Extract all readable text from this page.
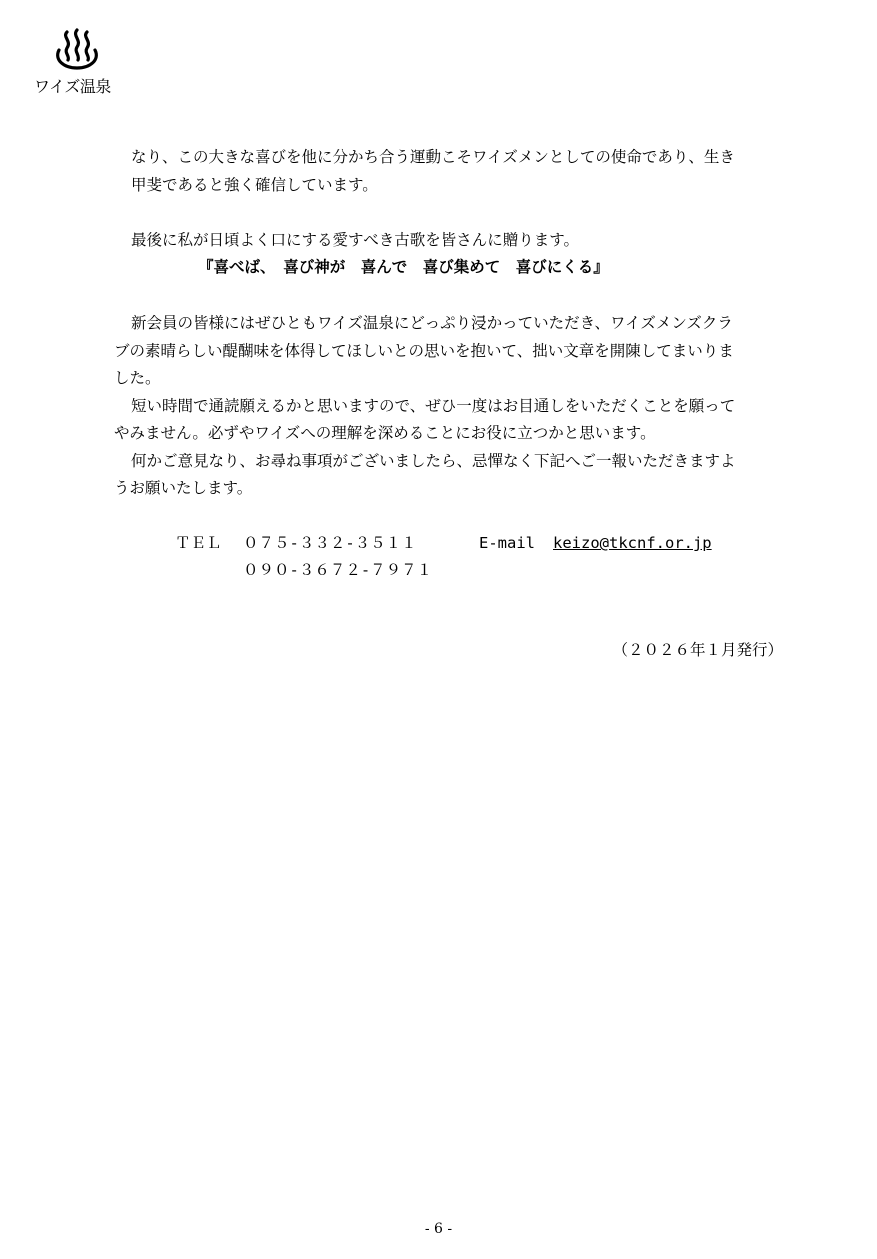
ワイズ温泉
なり、この大きな喜びを他に分かち合う運動こそワイズメンとしての使命であり、生き
甲斐であると強く確信しています。
最後に私が日頃よく口にする愛すべき古歌を皆さんに贈ります。
『喜べば、　喜び神が　喜んで　喜び集めて　喜びにくる』
新会員の皆様にはぜひともワイズ温泉にどっぷり浸かっていただき、ワイズメンズクラ
ブの素晴らしい醍醐味を体得してほしいとの思いを抱いて、拙い文章を開陳してまいりま
した。
短い時間で通読願えるかと思いますので、ぜひ一度はお目通しをいただくことを願って
やみません。必ずやワイズへの理解を深めることにお役に立つかと思います。
何かご意見なり、お尋ね事項がございましたら、忌憚なく下記へご一報いただきますよ
うお願いたします。
ＴＥＬ ０７５-３３２-３５１１	E-mail keizo@tkcnf.or.jp
０９０-３６７２-７９７１
（２０２６年１月発行）
- 6 -
